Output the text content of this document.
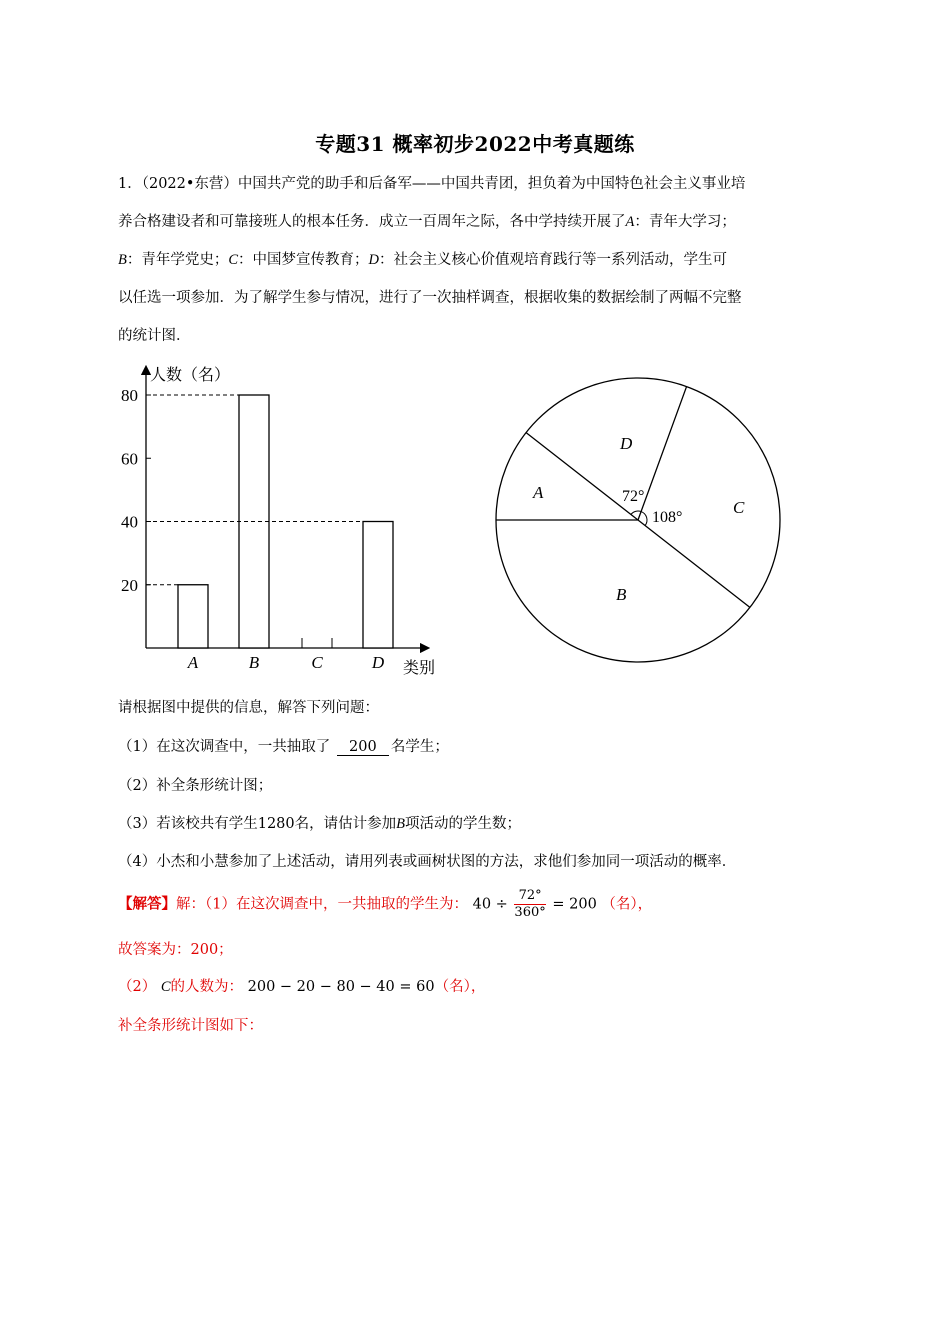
专题31 概率初步2022中考真题练
1．（2022•东营）中国共产党的助手和后备军——中国共青团，担负着为中国特色社会主义事业培
养合格建设者和可靠接班人的根本任务．成立一百周年之际，各中学持续开展了A：青年大学习；
B：青年学党史；C：中国梦宣传教育；D：社会主义核心价值观培育践行等一系列活动，学生可
以任选一项参加．为了解学生参与情况，进行了一次抽样调查，根据收集的数据绘制了两幅不完整
的统计图．
20
40
60
80
A	B	C	D
人数（名）
类别
D
A
C
B
72°
108°
请根据图中提供的信息，解答下列问题：
（1）在这次调查中，一共抽取了 200 名学生；
（2）补全条形统计图；
（3）若该校共有学生1280名，请估计参加B项活动的学生数；
（4）小杰和小慧参加了上述活动，请用列表或画树状图的方法，求他们参加同一项活动的概率．
【解答】解：（1）在这次调查中，一共抽取的学生为： $40 \div \frac{72^\circ}{360^\circ} = 200$ （名），
故答案为：200；
（2） C的人数为： 200 − 20 − 80 − 40 = 60（名），
补全条形统计图如下：
